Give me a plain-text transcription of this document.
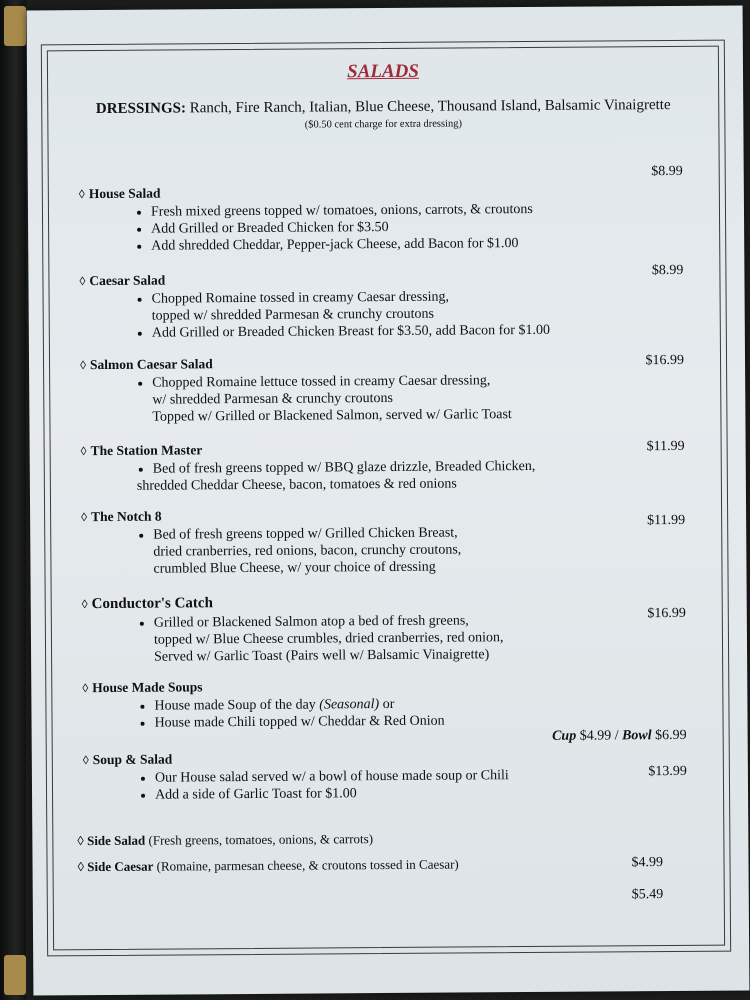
SALADS
DRESSINGS: Ranch, Fire Ranch, Italian, Blue Cheese, Thousand Island, Balsamic Vinaigrette
($0.50 cent charge for extra dressing)
$8.99
◊ House Salad
• Fresh mixed greens topped w/ tomatoes, onions, carrots, & croutons
• Add Grilled or Breaded Chicken for $3.50
• Add shredded Cheddar, Pepper-jack Cheese, add Bacon for $1.00
$8.99
◊ Caesar Salad
• Chopped Romaine tossed in creamy Caesar dressing,
topped w/ shredded Parmesan & crunchy croutons
• Add Grilled or Breaded Chicken Breast for $3.50, add Bacon for $1.00
$16.99
◊ Salmon Caesar Salad
• Chopped Romaine lettuce tossed in creamy Caesar dressing,
w/ shredded Parmesan & crunchy croutons
Topped w/ Grilled or Blackened Salmon, served w/ Garlic Toast
$11.99
◊ The Station Master
• Bed of fresh greens topped w/ BBQ glaze drizzle, Breaded Chicken,
shredded Cheddar Cheese, bacon, tomatoes & red onions
$11.99
◊ The Notch 8
• Bed of fresh greens topped w/ Grilled Chicken Breast,
dried cranberries, red onions, bacon, crunchy croutons,
crumbled Blue Cheese, w/ your choice of dressing
$16.99
◊ Conductor's Catch
• Grilled or Blackened Salmon atop a bed of fresh greens,
topped w/ Blue Cheese crumbles, dried cranberries, red onion,
Served w/ Garlic Toast (Pairs well w/ Balsamic Vinaigrette)
◊ House Made Soups
• House made Soup of the day (Seasonal) or
• House made Chili topped w/ Cheddar & Red Onion
Cup $4.99 / Bowl $6.99
$13.99
◊ Soup & Salad
• Our House salad served w/ a bowl of house made soup or Chili
• Add a side of Garlic Toast for $1.00
◊ Side Salad (Fresh greens, tomatoes, onions, & carrots)
◊ Side Caesar (Romaine, parmesan cheese, & croutons tossed in Caesar)	$4.99
$5.49
